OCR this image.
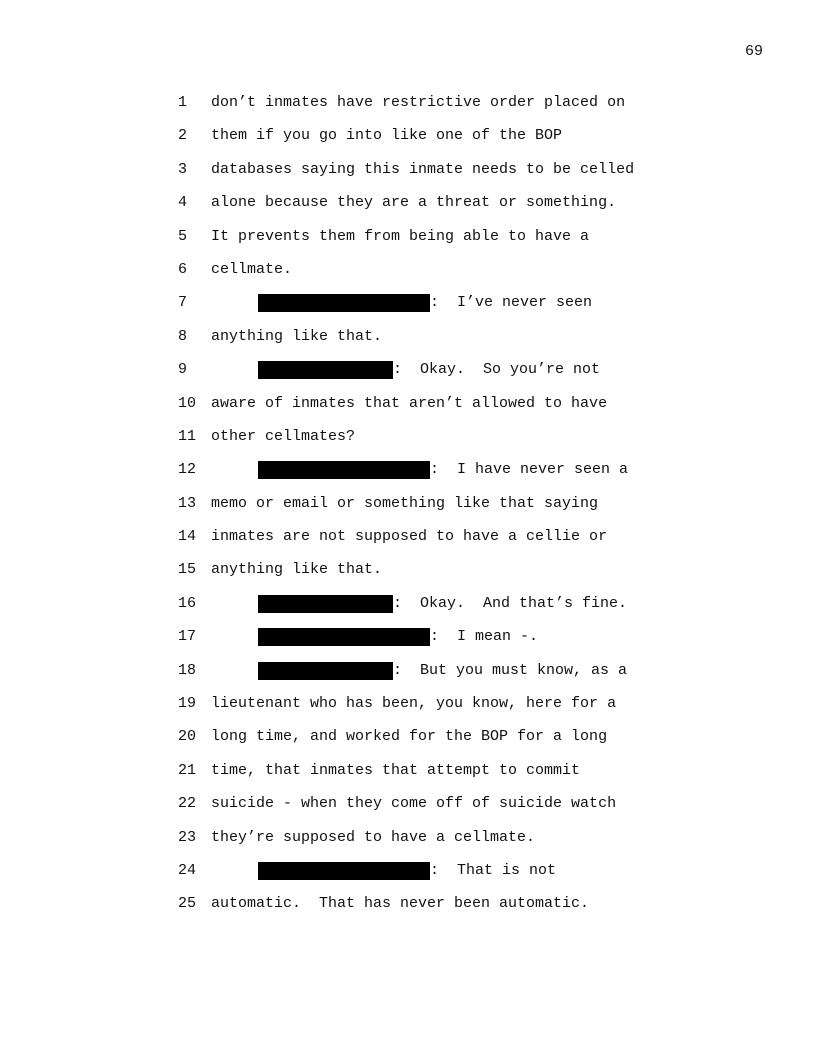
69
1	don’t inmates have restrictive order placed on
2	them if you go into like one of the BOP
3	databases saying this inmate needs to be celled
4	alone because they are a threat or something.
5	It prevents them from being able to have a
6	cellmate.
7	:  I’ve never seen
8	anything like that.
9	:  Okay.  So you’re not
10 aware of inmates that aren’t allowed to have
11 other cellmates?
12	:  I have never seen a
13 memo or email or something like that saying
14 inmates are not supposed to have a cellie or
15 anything like that.
16	:  Okay.  And that’s fine.
17	:  I mean -.
18	:  But you must know, as a
19 lieutenant who has been, you know, here for a
20 long time, and worked for the BOP for a long
21 time, that inmates that attempt to commit
22 suicide - when they come off of suicide watch
23 they’re supposed to have a cellmate.
24	:  That is not
25 automatic.  That has never been automatic.
